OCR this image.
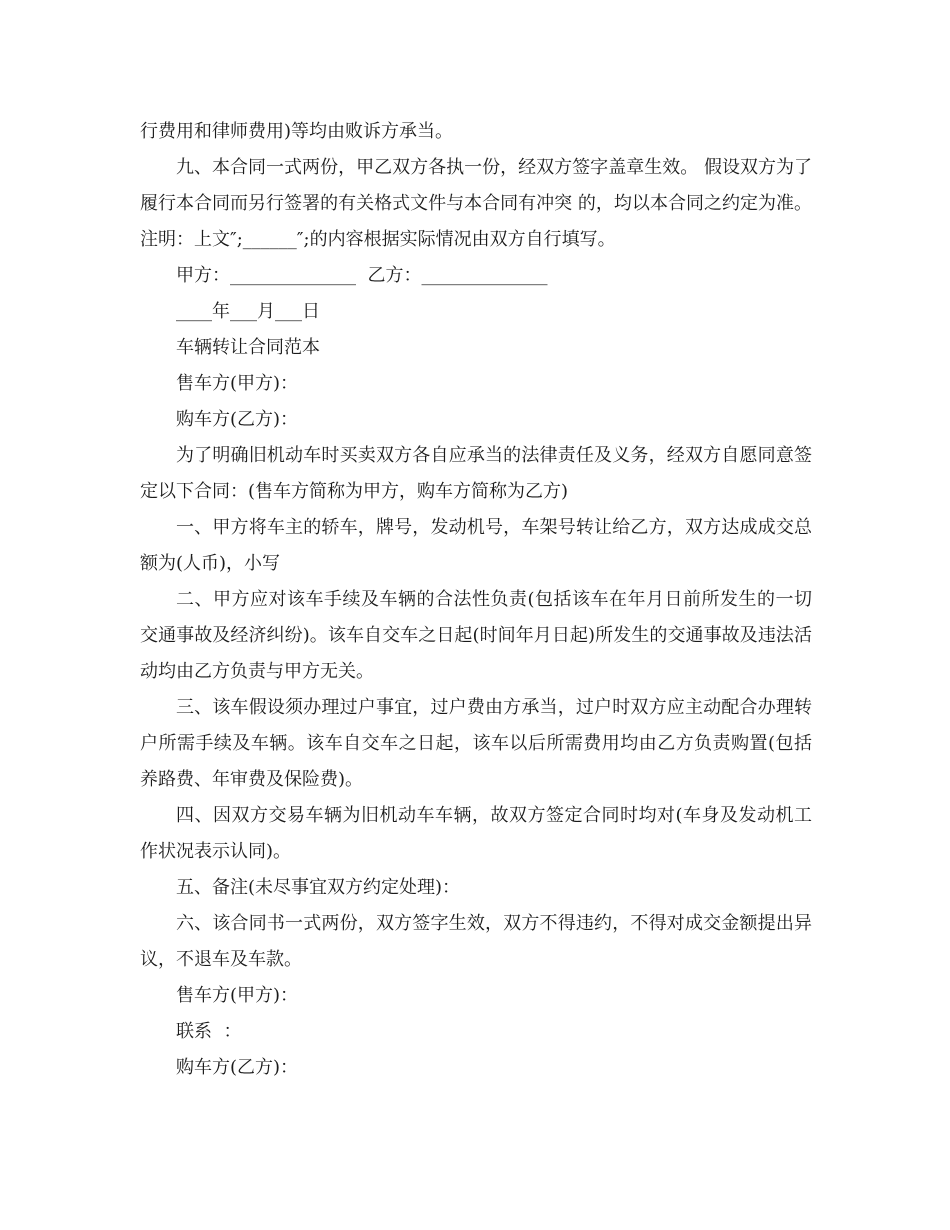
行费用和律师费用)等均由败诉方承当。

九、本合同一式两份，甲乙双方各执一份，经双方签字盖章生效。 假设双方为了履行本合同而另行签署的有关格式文件与本合同有冲突 的，均以本合同之约定为准。 注明：上文″;______″;的内容根据实际情况由双方自行填写。

甲方：______________  乙方：______________

____年___月___日

车辆转让合同范本

售车方(甲方)：

购车方(乙方)：

为了明确旧机动车时买卖双方各自应承当的法律责任及义务，经双方自愿同意签定以下合同：(售车方简称为甲方，购车方简称为乙方)

一、甲方将车主的轿车，牌号，发动机号，车架号转让给乙方，双方达成成交总额为(人币)，小写

二、甲方应对该车手续及车辆的合法性负责(包括该车在年月日前所发生的一切交通事故及经济纠纷)。该车自交车之日起(时间年月日起)所发生的交通事故及违法活动均由乙方负责与甲方无关。

三、该车假设须办理过户事宜，过户费由方承当，过户时双方应主动配合办理转户所需手续及车辆。该车自交车之日起，该车以后所需费用均由乙方负责购置(包括养路费、年审费及保险费)。

四、因双方交易车辆为旧机动车车辆，故双方签定合同时均对(车身及发动机工作状况表示认同)。

五、备注(未尽事宜双方约定处理)：

六、该合同书一式两份，双方签字生效，双方不得违约，不得对成交金额提出异议，不退车及车款。

售车方(甲方)：

联系  ：

购车方(乙方)：
